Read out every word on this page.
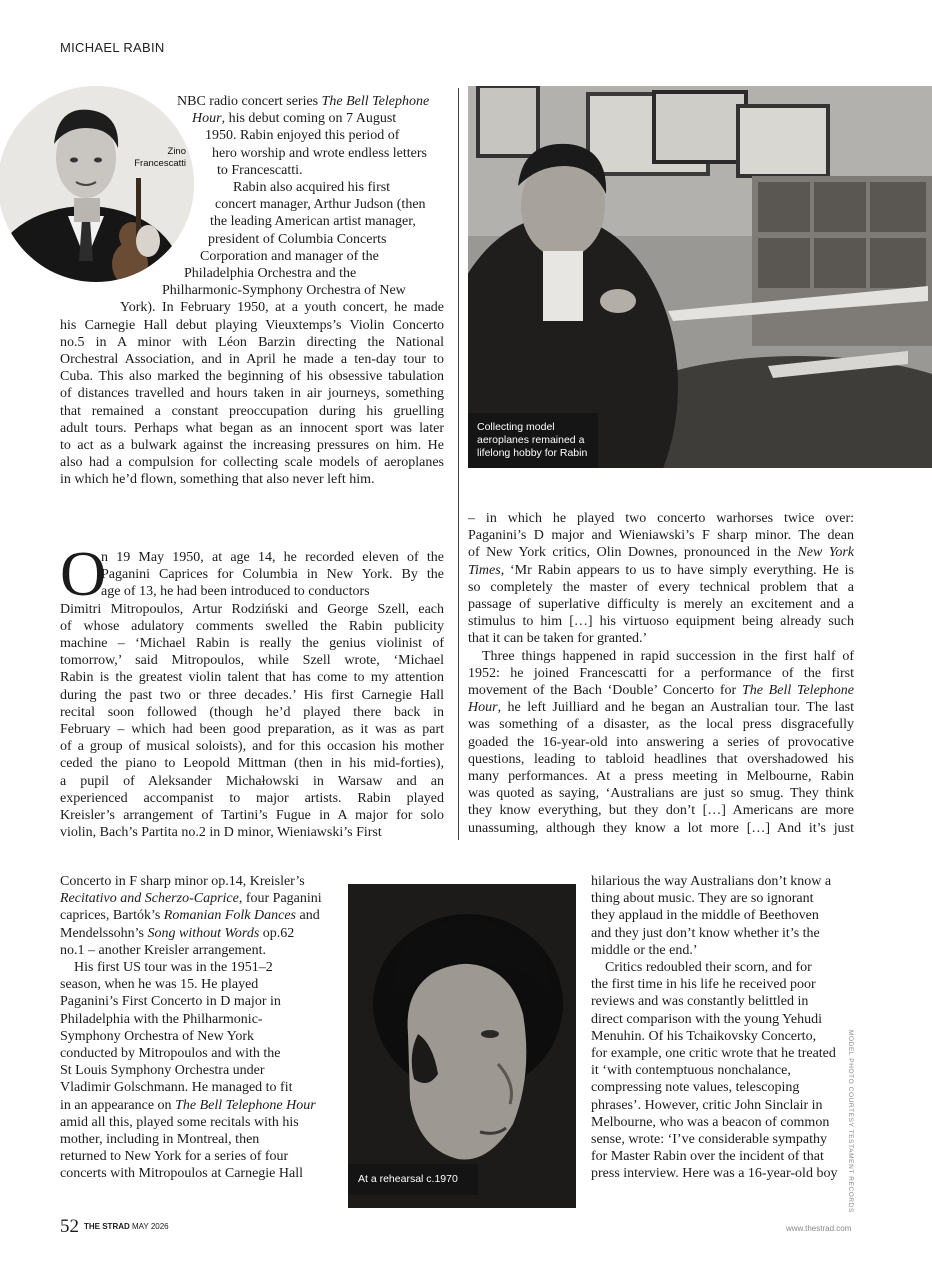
MICHAEL RABIN
Zino
Francescatti
NBC radio concert series The Bell Telephone
Hour, his debut coming on 7 August
1950. Rabin enjoyed this period of
hero worship and wrote endless letters
to Francescatti.
Rabin also acquired his first
concert manager, Arthur Judson (then
the leading American artist manager,
president of Columbia Concerts
Corporation and manager of the
Philadelphia Orchestra and the
Philharmonic-Symphony Orchestra of New
York). In February 1950, at a youth concert, he made
his Carnegie Hall debut playing Vieuxtemps’s Violin Concerto
no.5 in A minor with Léon Barzin directing the National
Orchestral Association, and in April he made a ten-day tour to
Cuba. This also marked the beginning of his obsessive tabulation
of distances travelled and hours taken in air journeys, something
that remained a constant preoccupation during his gruelling
adult tours. Perhaps what began as an innocent sport was later
to act as a bulwark against the increasing pressures on him. He
also had a compulsion for collecting scale models of aeroplanes
in which he’d flown, something that also never left him.
O
n 19 May 1950, at age 14, he recorded eleven of the
Paganini Caprices for Columbia in New York. By the
age of 13, he had been introduced to conductors
Dimitri Mitropoulos, Artur Rodziński and George Szell, each
of whose adulatory comments swelled the Rabin publicity
machine – ‘Michael Rabin is really the genius violinist of
tomorrow,’ said Mitropoulos, while Szell wrote, ‘Michael
Rabin is the greatest violin talent that has come to my attention
during the past two or three decades.’ His first Carnegie Hall
recital soon followed (though he’d played there back in
February – which had been good preparation, as it was as part
of a group of musical soloists), and for this occasion his mother
ceded the piano to Leopold Mittman (then in his mid-forties),
a pupil of Aleksander Michałowski in Warsaw and an
experienced accompanist to major artists. Rabin played
Kreisler’s arrangement of Tartini’s Fugue in A major for solo
violin, Bach’s Partita no.2 in D minor, Wieniawski’s First
Concerto in F sharp minor op.14, Kreisler’s
Recitativo and Scherzo-Caprice, four Paganini
caprices, Bartók’s Romanian Folk Dances and
Mendelssohn’s Song without Words op.62
no.1 – another Kreisler arrangement.
His first US tour was in the 1951–2
season, when he was 15. He played
Paganini’s First Concerto in D major in
Philadelphia with the Philharmonic-
Symphony Orchestra of New York
conducted by Mitropoulos and with the
St Louis Symphony Orchestra under
Vladimir Golschmann. He managed to fit
in an appearance on The Bell Telephone Hour
amid all this, played some recitals with his
mother, including in Montreal, then
returned to New York for a series of four
concerts with Mitropoulos at Carnegie Hall
Collecting model
aeroplanes remained a
lifelong hobby for Rabin
– in which he played two concerto warhorses twice over:
Paganini’s D major and Wieniawski’s F sharp minor. The dean
of New York critics, Olin Downes, pronounced in the New York
Times, ‘Mr Rabin appears to us to have simply everything. He is
so completely the master of every technical problem that a
passage of superlative difficulty is merely an excitement and a
stimulus to him […] his virtuoso equipment being already such
that it can be taken for granted.’
Three things happened in rapid succession in the first half of
1952: he joined Francescatti for a performance of the first
movement of the Bach ‘Double’ Concerto for The Bell Telephone
Hour, he left Juilliard and he began an Australian tour. The last
was something of a disaster, as the local press disgracefully
goaded the 16-year-old into answering a series of provocative
questions, leading to tabloid headlines that overshadowed his
many performances. At a press meeting in Melbourne, Rabin
was quoted as saying, ‘Australians are just so smug. They think
they know everything, but they don’t […] Americans are more
unassuming, although they know a lot more […] And it’s just
At a rehearsal c.1970
hilarious the way Australians don’t know a
thing about music. They are so ignorant
they applaud in the middle of Beethoven
and they just don’t know whether it’s the
middle or the end.’
Critics redoubled their scorn, and for
the first time in his life he received poor
reviews and was constantly belittled in
direct comparison with the young Yehudi
Menuhin. Of his Tchaikovsky Concerto,
for example, one critic wrote that he treated
it ‘with contemptuous nonchalance,
compressing note values, telescoping
phrases’. However, critic John Sinclair in
Melbourne, who was a beacon of common
sense, wrote: ‘I’ve considerable sympathy
for Master Rabin over the incident of that
press interview. Here was a 16-year-old boy	MODEL PHOTO COURTESY TESTAMENT RECORDS
52 THE STRAD MAY 2026	www.thestrad.com
